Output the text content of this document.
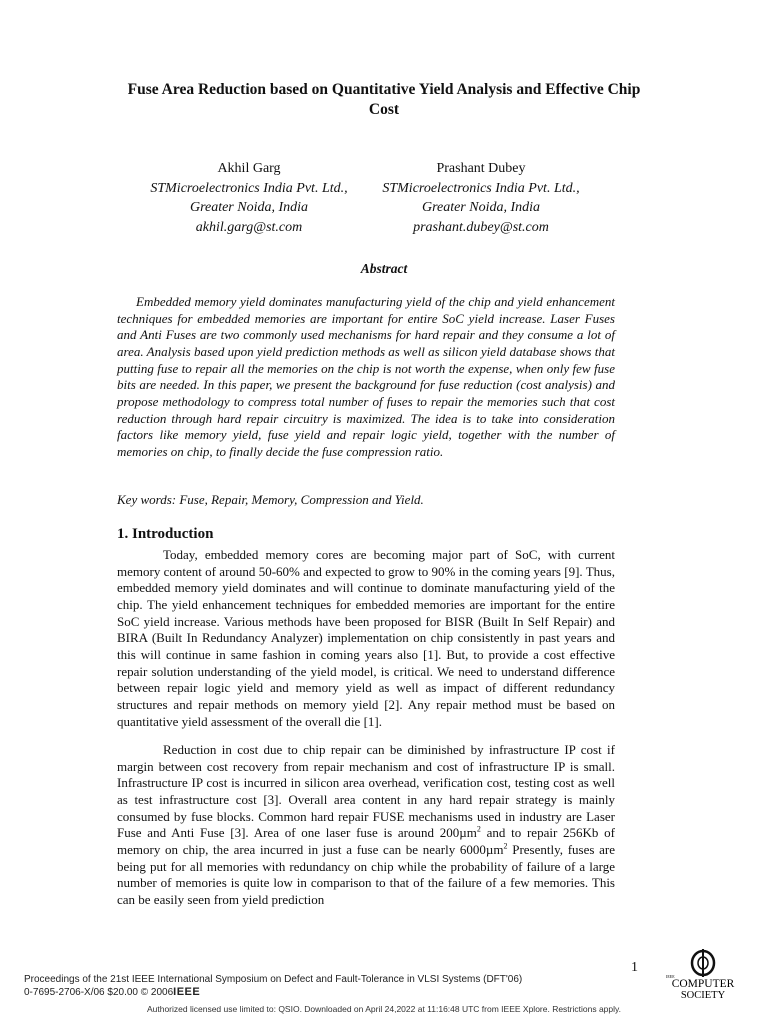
Fuse Area Reduction based on Quantitative Yield Analysis and Effective Chip Cost
Akhil Garg
STMicroelectronics India Pvt. Ltd.,
Greater Noida, India
akhil.garg@st.com
Prashant Dubey
STMicroelectronics India Pvt. Ltd.,
Greater Noida, India
prashant.dubey@st.com
Abstract

Embedded memory yield dominates manufacturing yield of the chip and yield enhancement techniques for embedded memories are important for entire SoC yield increase. Laser Fuses and Anti Fuses are two commonly used mechanisms for hard repair and they consume a lot of area. Analysis based upon yield prediction methods as well as silicon yield database shows that putting fuse to repair all the memories on the chip is not worth the expense, when only few fuse bits are needed. In this paper, we present the background for fuse reduction (cost analysis) and propose methodology to compress total number of fuses to repair the memories such that cost reduction through hard repair circuitry is maximized. The idea is to take into consideration factors like memory yield, fuse yield and repair logic yield, together with the number of memories on chip, to finally decide the fuse compression ratio.

Key words: Fuse, Repair, Memory, Compression and Yield.

1. Introduction

Today, embedded memory cores are becoming major part of SoC, with current memory content of around 50-60% and expected to grow to 90% in the coming years [9]. Thus, embedded memory yield dominates and will continue to dominate manufacturing yield of the chip. The yield enhancement techniques for embedded memories are important for the entire SoC yield increase. Various methods have been proposed for BISR (Built In Self Repair) and BIRA (Built In Redundancy Analyzer) implementation on chip consistently in past years and this will continue in same fashion in coming years also [1]. But, to provide a cost effective repair solution understanding of the yield model, is critical. We need to understand difference between repair logic yield and memory yield as well as impact of different redundancy structures and repair methods on memory yield [2]. Any repair method must be based on quantitative yield assessment of the overall die [1].

Reduction in cost due to chip repair can be diminished by infrastructure IP cost if margin between cost recovery from repair mechanism and cost of infrastructure IP is small. Infrastructure IP cost is incurred in silicon area overhead, verification cost, testing cost as well as test infrastructure cost [3]. Overall area content in any hard repair strategy is mainly consumed by fuse blocks. Common hard repair FUSE mechanisms used in industry are Laser Fuse and Anti Fuse [3]. Area of one laser fuse is around 200µm$^2$ and to repair 256Kb of memory on chip, the area incurred in just a fuse can be nearly 6000µm$^2$ Presently, fuses are being put for all memories with redundancy on chip while the probability of failure of a large number of memories is quite low in comparison to that of the failure of a few memories. This can be easily seen from yield prediction

1
Proceedings of the 21st IEEE International Symposium on Defect and Fault-Tolerance in VLSI Systems (DFT'06)
0-7695-2706-X/06 $20.00 © 2006IEEE
IEEE
COMPUTER
SOCIETY
Authorized licensed use limited to: QSIO. Downloaded on April 24,2022 at 11:16:48 UTC from IEEE Xplore. Restrictions apply.
